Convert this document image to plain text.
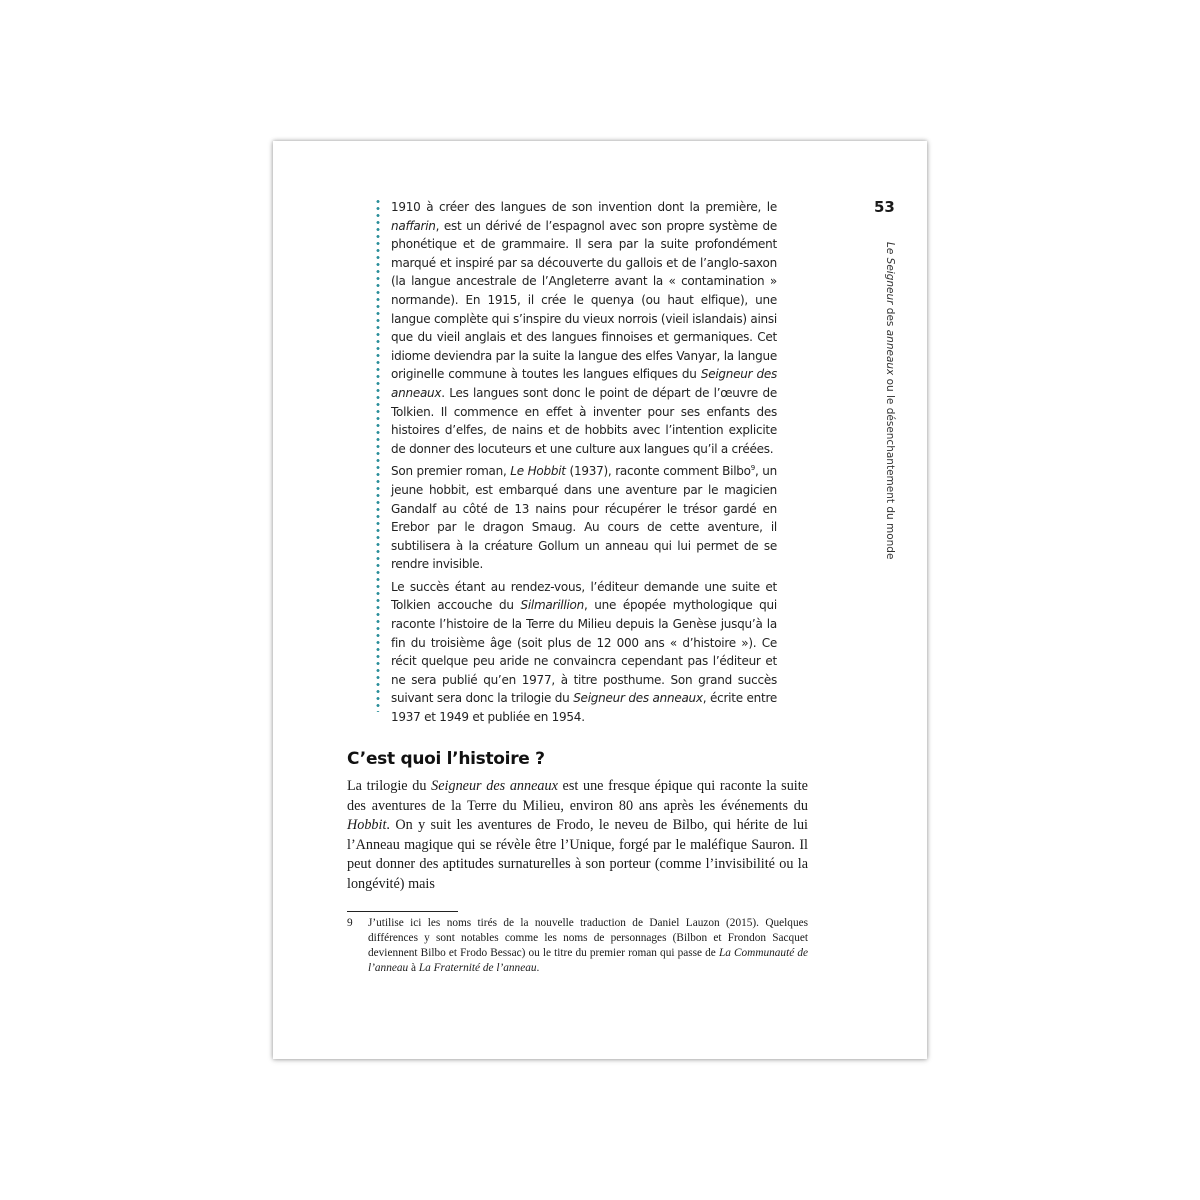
53
Le Seigneur des anneaux ou le désenchantement du monde

1910 à créer des langues de son invention dont la première, le naffarin, est un dérivé de l’espagnol avec son propre système de phonétique et de grammaire. Il sera par la suite profondément marqué et inspiré par sa découverte du gallois et de l’anglo-saxon (la langue ancestrale de l’Angleterre avant la « contamination » normande). En 1915, il crée le quenya (ou haut elfique), une langue complète qui s’inspire du vieux norrois (vieil islandais) ainsi que du vieil anglais et des langues finnoises et germaniques. Cet idiome deviendra par la suite la langue des elfes Vanyar, la langue originelle commune à toutes les langues elfiques du Seigneur des anneaux. Les langues sont donc le point de départ de l’œuvre de Tolkien. Il commence en effet à inventer pour ses enfants des histoires d’elfes, de nains et de hobbits avec l’intention explicite de donner des locuteurs et une culture aux langues qu’il a créées.

Son premier roman, Le Hobbit (1937), raconte comment Bilbo$^9$, un jeune hobbit, est embarqué dans une aventure par le magicien Gandalf au côté de 13 nains pour récupérer le trésor gardé en Erebor par le dragon Smaug. Au cours de cette aventure, il subtilisera à la créature Gollum un anneau qui lui permet de se rendre invisible.

Le succès étant au rendez-vous, l’éditeur demande une suite et Tolkien accouche du Silmarillion, une épopée mythologique qui raconte l’histoire de la Terre du Milieu depuis la Genèse jusqu’à la fin du troisième âge (soit plus de 12 000 ans « d’histoire »). Ce récit quelque peu aride ne convaincra cependant pas l’éditeur et ne sera publié qu’en 1977, à titre posthume. Son grand succès suivant sera donc la trilogie du Seigneur des anneaux, écrite entre 1937 et 1949 et publiée en 1954.

C’est quoi l’histoire ?

La trilogie du Seigneur des anneaux est une fresque épique qui raconte la suite des aventures de la Terre du Milieu, environ 80 ans après les événements du Hobbit. On y suit les aventures de Frodo, le neveu de Bilbo, qui hérite de lui l’Anneau magique qui se révèle être l’Unique, forgé par le maléfique Sauron. Il peut donner des aptitudes surnaturelles à son porteur (comme l’invisibilité ou la longévité) mais

9 J’utilise ici les noms tirés de la nouvelle traduction de Daniel Lauzon (2015). Quelques différences y sont notables comme les noms de personnages (Bilbon et Frondon Sacquet deviennent Bilbo et Frodo Bessac) ou le titre du premier roman qui passe de La Communauté de l’anneau à La Fraternité de l’anneau.
